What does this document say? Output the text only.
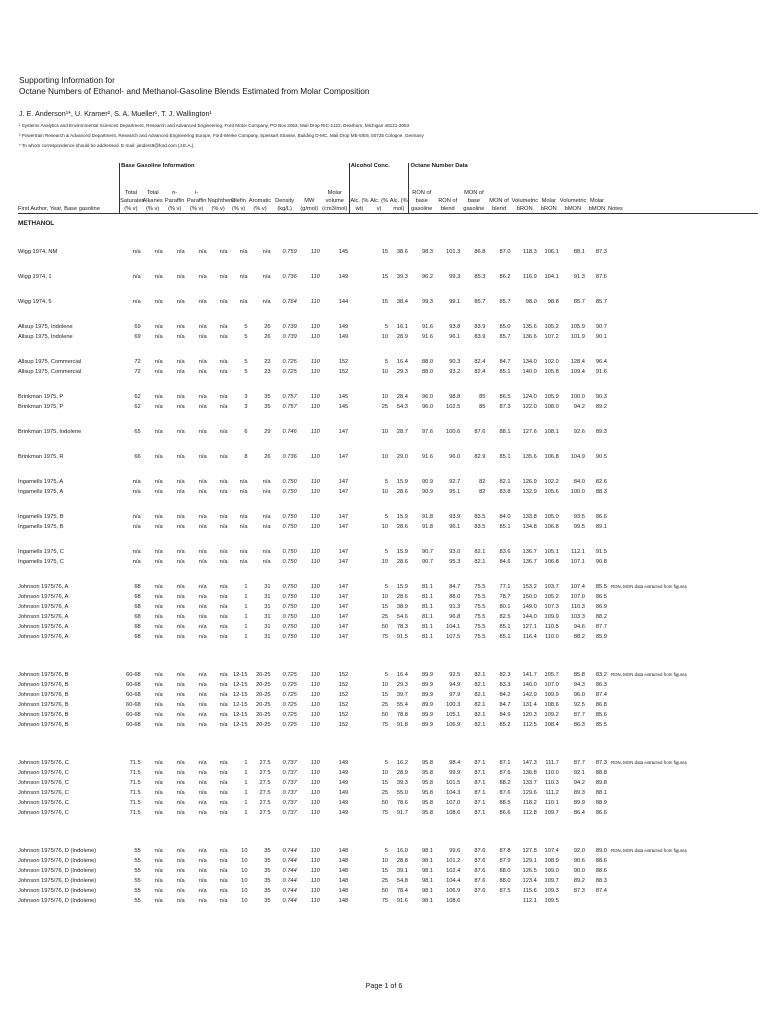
Supporting Information for
Octane Numbers of Ethanol- and Methanol-Gasoline Blends Estimated from Molar Composition
J. E. Anderson¹*, U. Kramer², S. A. Mueller¹, T. J. Wallington¹
¹ Systems Analytics and Environmental Sciences Department, Research and Advanced Engineering, Ford Motor Company, PO Box 2053, Mail Drop RIC-2122, Dearborn, Michigan 48121-2053
² Powertrain Research & Advanced Department, Research and Advanced Engineering Europe, Ford-Werke Company, Spessart Strasse, Building D-MC, Mail Drop ME-5/E6, 50725 Cologne, Germany
* To whom correspondence should be addressed. E-mail: janders9@ford.com (J.E.A.).
	Base Gasoline Information										Alcohol Conc.			Octane Number Data								
First Author, Year, Base gasoline	Total Saturates (% v)	Total Alkanes (% v)	n-Paraffin (% v)	i-Paraffin (% v)	Naphthene (% v)	Olefin (% v)	Aromatic (% v)	Density (kg/L)	MW (g/mol)	Molar volume (cm3/mol)	Alc. (% wt)	Alc. (% v)	Alc. (% mol)	RON of base gasoline	RON of blend	MON of base gasoline	MON of blend	Volumetric bRON	Molar bRON	Volumetric bMON	Molar bMON	Notes
METHANOL																						

Wigg 1974, NM	n/a	n/a	n/a	n/a	n/a	n/a	n/a	0.759	110	145		15	38.6	98.3	101.3	86.8	87.0	118.3	106.1	88.1	87.3	

Wigg 1974, 1	n/a	n/a	n/a	n/a	n/a	n/a	n/a	0.736	110	149		15	39.3	96.2	99.3	85.3	86.2	116.9	104.1	91.3	87.6	

Wigg 1974, 5	n/a	n/a	n/a	n/a	n/a	n/a	n/a	0.764	110	144		15	38.4	99.3	99.1	85.7	85.7	98.0	98.8	85.7	85.7	

Allsup 1975, Indolene	69	n/a	n/a	n/a	n/a	5	26	0.739	110	149		5	16.1	91.6	93.8	83.9	85.0	135.6	105.2	105.9	90.7	
Allsup 1975, Indolene	69	n/a	n/a	n/a	n/a	5	26	0.739	110	149		10	28.9	91.6	96.1	83.9	85.7	136.6	107.2	101.9	90.1	

Allsup 1975, Commercial	72	n/a	n/a	n/a	n/a	5	23	0.725	110	152		5	16.4	88.0	90.3	82.4	84.7	134.0	102.0	128.4	96.4	
Allsup 1975, Commercial	72	n/a	n/a	n/a	n/a	5	23	0.725	110	152		10	29.3	88.0	93.2	82.4	85.1	140.0	105.8	109.4	91.6	

Brinkman 1975, P	62	n/a	n/a	n/a	n/a	3	35	0.757	110	145		10	28.4	96.0	98.8	85	86.5	124.0	105.9	100.0	90.3	
Brinkman 1975, P	62	n/a	n/a	n/a	n/a	3	35	0.757	110	145		25	54.3	96.0	102.5	85	87.3	122.0	108.0	94.2	89.2	

Brinkman 1975, Indolene	65	n/a	n/a	n/a	n/a	6	29	0.746	110	147		10	28.7	97.6	100.6	87.6	88.1	127.6	108.1	92.6	89.3	

Brinkman 1975, R	66	n/a	n/a	n/a	n/a	8	26	0.736	110	147		10	29.0	91.6	96.0	82.9	85.1	135.6	106.8	104.9	90.5	

Ingamells 1975, A	n/a	n/a	n/a	n/a	n/a	n/a	n/a	0.750	110	147		5	15.9	90.9	92.7	82	82.1	126.9	102.2	84.0	82.6	
Ingamells 1975, A	n/a	n/a	n/a	n/a	n/a	n/a	n/a	0.750	110	147		10	28.6	90.9	95.1	82	83.8	132.9	105.6	100.0	88.3	

Ingamells 1975, B	n/a	n/a	n/a	n/a	n/a	n/a	n/a	0.750	110	147		5	15.9	91.8	93.9	83.5	84.0	133.8	105.0	93.5	86.6	
Ingamells 1975, B	n/a	n/a	n/a	n/a	n/a	n/a	n/a	0.750	110	147		10	28.6	91.8	96.1	83.5	85.1	134.8	106.8	99.5	89.1	

Ingamells 1975, C	n/a	n/a	n/a	n/a	n/a	n/a	n/a	0.750	110	147		5	15.9	90.7	93.0	82.1	83.6	136.7	105.1	112.1	91.5	
Ingamells 1975, C	n/a	n/a	n/a	n/a	n/a	n/a	n/a	0.750	110	147		10	28.6	90.7	95.3	82.1	84.6	136.7	106.8	107.1	90.8	

Johnson 1975/76, A	68	n/a	n/a	n/a	n/a	1	31	0.750	110	147		5	15.9	81.1	84.7	75.5	77.1	153.2	103.7	107.4	85.5	RON, MON data extracted from figures
Johnson 1975/76, A	68	n/a	n/a	n/a	n/a	1	31	0.750	110	147		10	28.6	81.1	88.0	75.5	78.7	150.0	105.2	107.0	86.5	
Johnson 1975/76, A	68	n/a	n/a	n/a	n/a	1	31	0.750	110	147		15	38.9	81.1	91.3	75.5	80.1	149.0	107.3	110.3	86.9	
Johnson 1975/76, A	68	n/a	n/a	n/a	n/a	1	31	0.750	110	147		25	54.6	81.1	96.8	75.5	82.5	144.0	109.9	103.3	88.2	
Johnson 1975/76, A	68	n/a	n/a	n/a	n/a	1	31	0.750	110	147		50	78.3	81.1	104.1	75.5	85.1	127.1	110.5	94.6	87.7	
Johnson 1975/76, A	68	n/a	n/a	n/a	n/a	1	31	0.750	110	147		75	91.5	81.1	107.5	75.5	85.1	116.4	110.0	88.2	85.9	

Johnson 1975/76, B	60-68	n/a	n/a	n/a	n/a	12-15	20-25	0.725	110	152		5	16.4	89.9	92.5	82.1	82.3	141.7	105.7	85.8	83.2	RON, MON data extracted from figures
Johnson 1975/76, B	60-68	n/a	n/a	n/a	n/a	12-15	20-25	0.725	110	152		10	29.3	89.9	94.9	82.1	83.3	140.0	107.0	94.3	86.3	
Johnson 1975/76, B	60-68	n/a	n/a	n/a	n/a	12-15	20-25	0.725	110	152		15	39.7	89.9	97.9	82.1	84.2	142.9	109.9	96.0	87.4	
Johnson 1975/76, B	60-68	n/a	n/a	n/a	n/a	12-15	20-25	0.725	110	152		25	55.4	89.9	100.3	82.1	84.7	131.4	108.6	92.5	86.8	
Johnson 1975/76, B	60-68	n/a	n/a	n/a	n/a	12-15	20-25	0.725	110	152		50	78.8	89.9	105.1	82.1	84.9	120.3	109.2	87.7	85.6	
Johnson 1975/76, B	60-68	n/a	n/a	n/a	n/a	12-15	20-25	0.725	110	152		75	91.8	89.9	106.9	82.1	85.2	112.5	108.4	86.3	85.5	

Johnson 1975/76, C	71.5	n/a	n/a	n/a	n/a	1	27.5	0.737	110	149		5	16.2	95.8	98.4	87.1	87.1	147.3	111.7	87.7	87.3	RON, MON data extracted from figures
Johnson 1975/76, C	71.5	n/a	n/a	n/a	n/a	1	27.5	0.737	110	149		10	28.9	95.8	99.9	87.1	87.6	136.8	110.0	92.1	88.8	
Johnson 1975/76, C	71.5	n/a	n/a	n/a	n/a	1	27.5	0.737	110	149		15	39.3	95.8	101.5	87.1	88.2	133.7	110.3	94.2	89.8	
Johnson 1975/76, C	71.5	n/a	n/a	n/a	n/a	1	27.5	0.737	110	149		25	55.0	95.8	104.3	87.1	87.6	129.6	111.2	89.3	88.1	
Johnson 1975/76, C	71.5	n/a	n/a	n/a	n/a	1	27.5	0.737	110	149		50	78.6	95.8	107.0	87.1	88.5	118.2	110.1	89.9	88.9	
Johnson 1975/76, C	71.5	n/a	n/a	n/a	n/a	1	27.5	0.737	110	149		75	91.7	95.8	108.6	87.1	86.6	112.8	109.7	86.4	86.6	

Johnson 1975/76, D (Indolene)	55	n/a	n/a	n/a	n/a	10	35	0.744	110	148		5	16.0	98.1	99.6	87.6	87.8	127.8	107.4	92.0	89.0	RON, MON data extracted from figures
Johnson 1975/76, D (Indolene)	55	n/a	n/a	n/a	n/a	10	35	0.744	110	148		10	28.8	98.1	101.2	87.6	87.9	129.1	108.9	90.6	88.6	
Johnson 1975/76, D (Indolene)	55	n/a	n/a	n/a	n/a	10	35	0.744	110	148		15	39.1	98.1	102.4	87.6	88.0	126.5	109.0	90.0	88.6	
Johnson 1975/76, D (Indolene)	55	n/a	n/a	n/a	n/a	10	35	0.744	110	148		25	54.8	98.1	104.4	87.6	88.0	123.4	109.7	89.2	88.3	
Johnson 1975/76, D (Indolene)	55	n/a	n/a	n/a	n/a	10	35	0.744	110	148		50	78.4	98.1	106.9	87.6	87.5	115.6	109.3	87.3	87.4	
Johnson 1975/76, D (Indolene)	55	n/a	n/a	n/a	n/a	10	35	0.744	110	148		75	91.6	98.1	108.6			112.1	109.5			
Page 1 of 6
